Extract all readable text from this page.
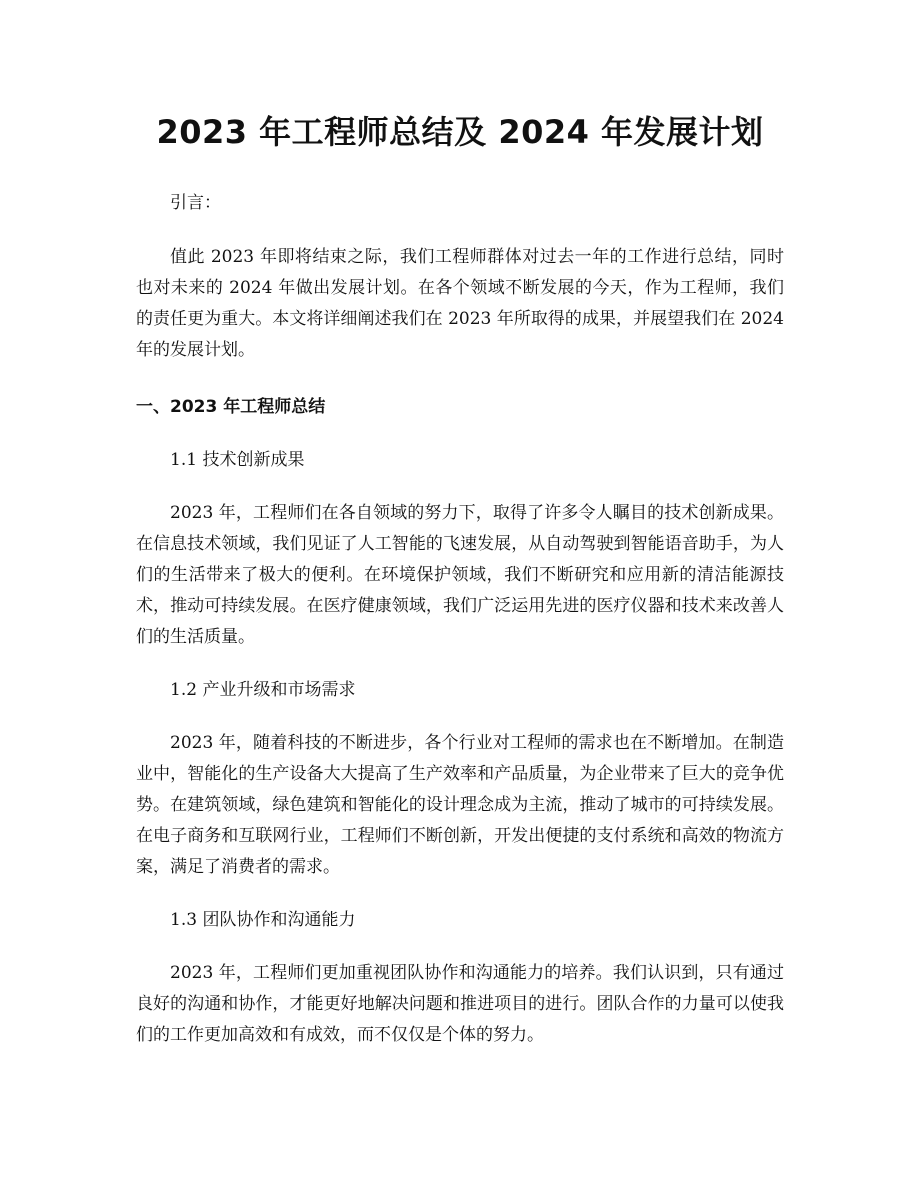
2023 年工程师总结及 2024 年发展计划

引言：

值此 2023 年即将结束之际，我们工程师群体对过去一年的工作进行总结，同时也对未来的 2024 年做出发展计划。在各个领域不断发展的今天，作为工程师，我们的责任更为重大。本文将详细阐述我们在 2023 年所取得的成果，并展望我们在 2024 年的发展计划。

一、2023 年工程师总结

1.1 技术创新成果

2023 年，工程师们在各自领域的努力下，取得了许多令人瞩目的技术创新成果。在信息技术领域，我们见证了人工智能的飞速发展，从自动驾驶到智能语音助手，为人们的生活带来了极大的便利。在环境保护领域，我们不断研究和应用新的清洁能源技术，推动可持续发展。在医疗健康领域，我们广泛运用先进的医疗仪器和技术来改善人们的生活质量。

1.2 产业升级和市场需求

2023 年，随着科技的不断进步，各个行业对工程师的需求也在不断增加。在制造业中，智能化的生产设备大大提高了生产效率和产品质量，为企业带来了巨大的竞争优势。在建筑领域，绿色建筑和智能化的设计理念成为主流，推动了城市的可持续发展。在电子商务和互联网行业，工程师们不断创新，开发出便捷的支付系统和高效的物流方案，满足了消费者的需求。

1.3 团队协作和沟通能力

2023 年，工程师们更加重视团队协作和沟通能力的培养。我们认识到，只有通过良好的沟通和协作，才能更好地解决问题和推进项目的进行。团队合作的力量可以使我们的工作更加高效和有成效，而不仅仅是个体的努力。
